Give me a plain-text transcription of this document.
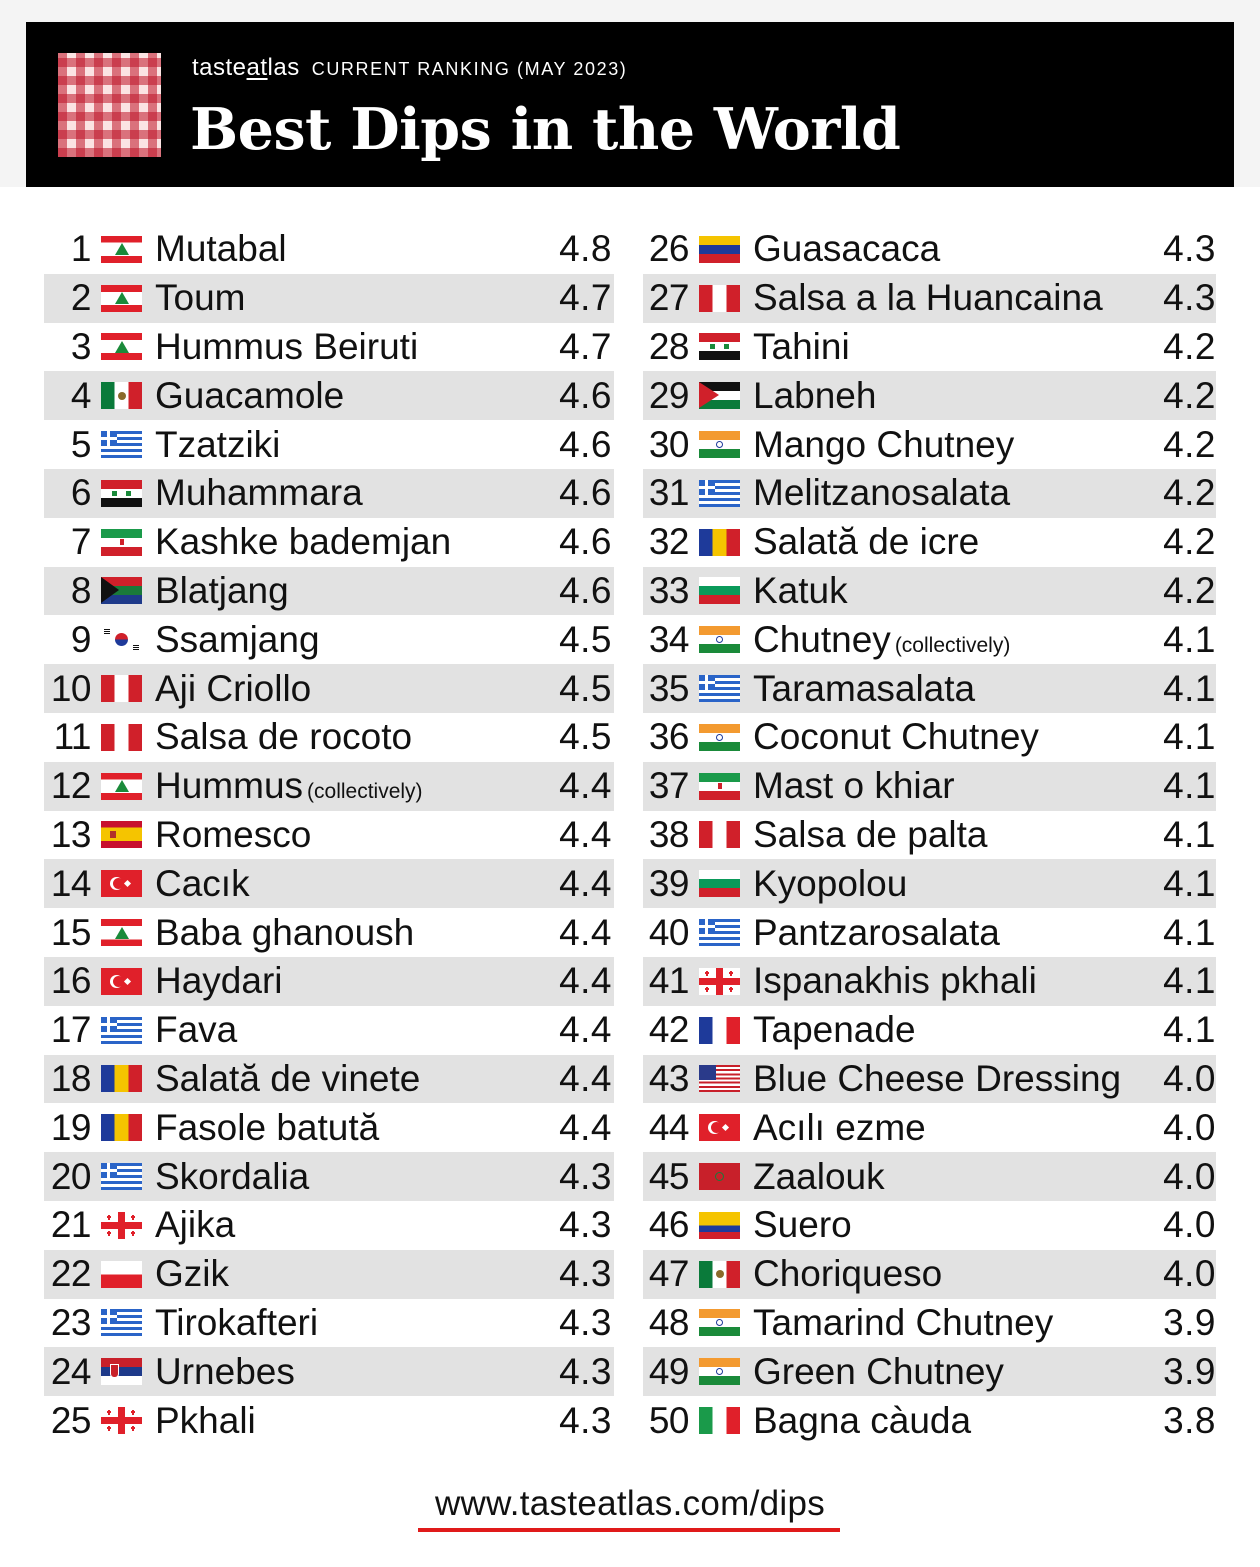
tasteatlas CURRENT RANKING (MAY 2023)
Best Dips in the World
1 Mutabal	4.8
2 Toum	4.7
3 Hummus Beiruti	4.7
4 Guacamole	4.6
5 Tzatziki	4.6
6 Muhammara	4.6
7 Kashke bademjan	4.6
8 Blatjang	4.6
9 Ssamjang	4.5
10 Aji Criollo	4.5
11 Salsa de rocoto	4.5
12 Hummus (collectively)	4.4
13 Romesco	4.4
14 Cacık	4.4
15 Baba ghanoush	4.4
16 Haydari	4.4
17 Fava	4.4
18 Salată de vinete	4.4
19 Fasole batută	4.4
20 Skordalia	4.3
21 Ajika	4.3
22 Gzik	4.3
23 Tirokafteri	4.3
24 Urnebes	4.3
25 Pkhali	4.3
26 Guasacaca	4.3
27 Salsa a la Huancaina	4.3
28 Tahini	4.2
29 Labneh	4.2
30 Mango Chutney	4.2
31 Melitzanosalata	4.2
32 Salată de icre	4.2
33 Katuk	4.2
34 Chutney (collectively)	4.1
35 Taramasalata	4.1
36 Coconut Chutney	4.1
37 Mast o khiar	4.1
38 Salsa de palta	4.1
39 Kyopolou	4.1
40 Pantzarosalata	4.1
41 Ispanakhis pkhali	4.1
42 Tapenade	4.1
43 Blue Cheese Dressing	4.0
44 Acılı ezme	4.0
45 Zaalouk	4.0
46 Suero	4.0
47 Choriqueso	4.0
48 Tamarind Chutney	3.9
49 Green Chutney	3.9
50 Bagna càuda	3.8
www.tasteatlas.com/dips
